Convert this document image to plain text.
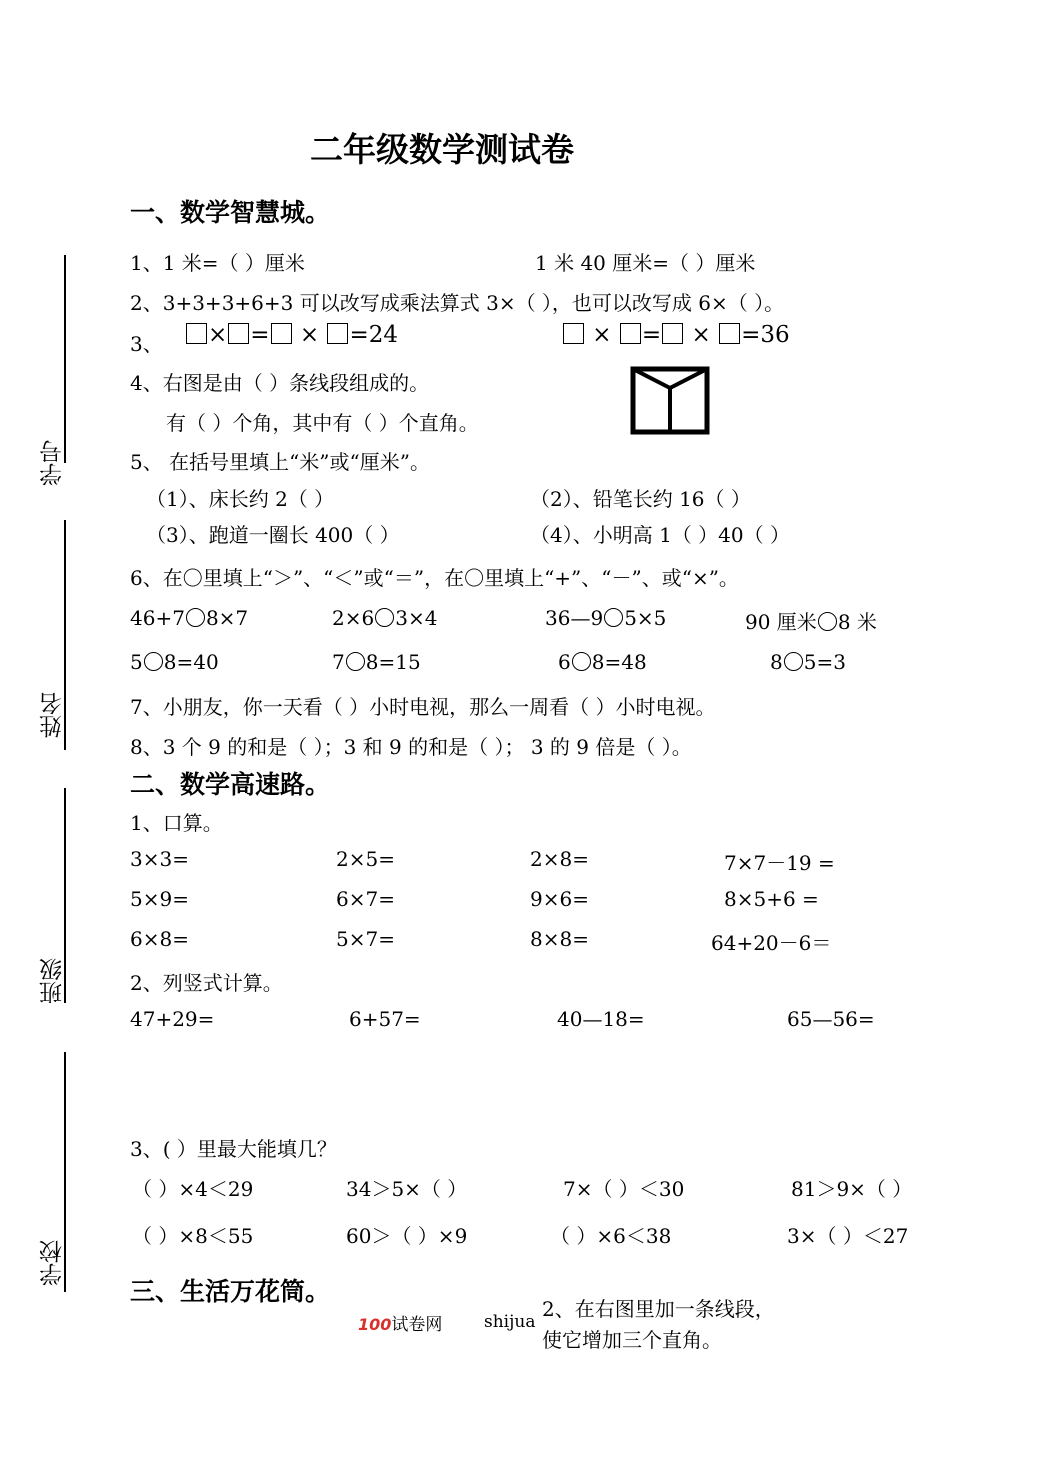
学号
姓名
班级
学校
二年级数学测试卷
一、数学智慧城。
1、1 米=（ ）厘米	1 米 40 厘米=（ ）厘米
2、3+3+3+6+3 可以改写成乘法算式 3×（ ），也可以改写成 6×（ ）。
3、	× = × =24	× = × =36
4、右图是由（ ）条线段组成的。
有（ ）个角，其中有（ ）个直角。
5、 在括号里填上“米”或“厘米”。
（1）、床长约 2（ ）	（2）、铅笔长约 16（ ）
（3）、跑道一圈长 400（ ）	（4）、小明高 1（ ）40（ ）
6、在〇里填上“＞”、“＜”或“＝”，在〇里填上“+”、“－”、或“×”。
46+7 8×7	2×6 3×4	36—9 5×5	90 厘米 8 米
5 8=40	7 8=15	6 8=48	8 5=3
7、小朋友，你一天看（ ）小时电视，那么一周看（ ）小时电视。
8、3 个 9 的和是（ ）；3 和 9 的和是（ ）； 3 的 9 倍是（ ）。
二、数学高速路。
1、口算。
3×3=	2×5=	2×8=	7×7－19 =
5×9=	6×7=	9×6=	8×5+6 =
6×8=	5×7=	8×8=	64+20－6＝
2、列竖式计算。
47+29=	6+57=	40—18=	65—56=
3、( ）里最大能填几？
（ ）×4＜29	34＞5×（ ）	7×（ ）＜30	81＞9×（ ）
（ ）×8＜55	60＞（ ）×9	（ ）×6＜38	3×（ ）＜27
三、生活万花筒。
100试卷网 shijua
2、在右图里加一条线段，
使它增加三个直角。
